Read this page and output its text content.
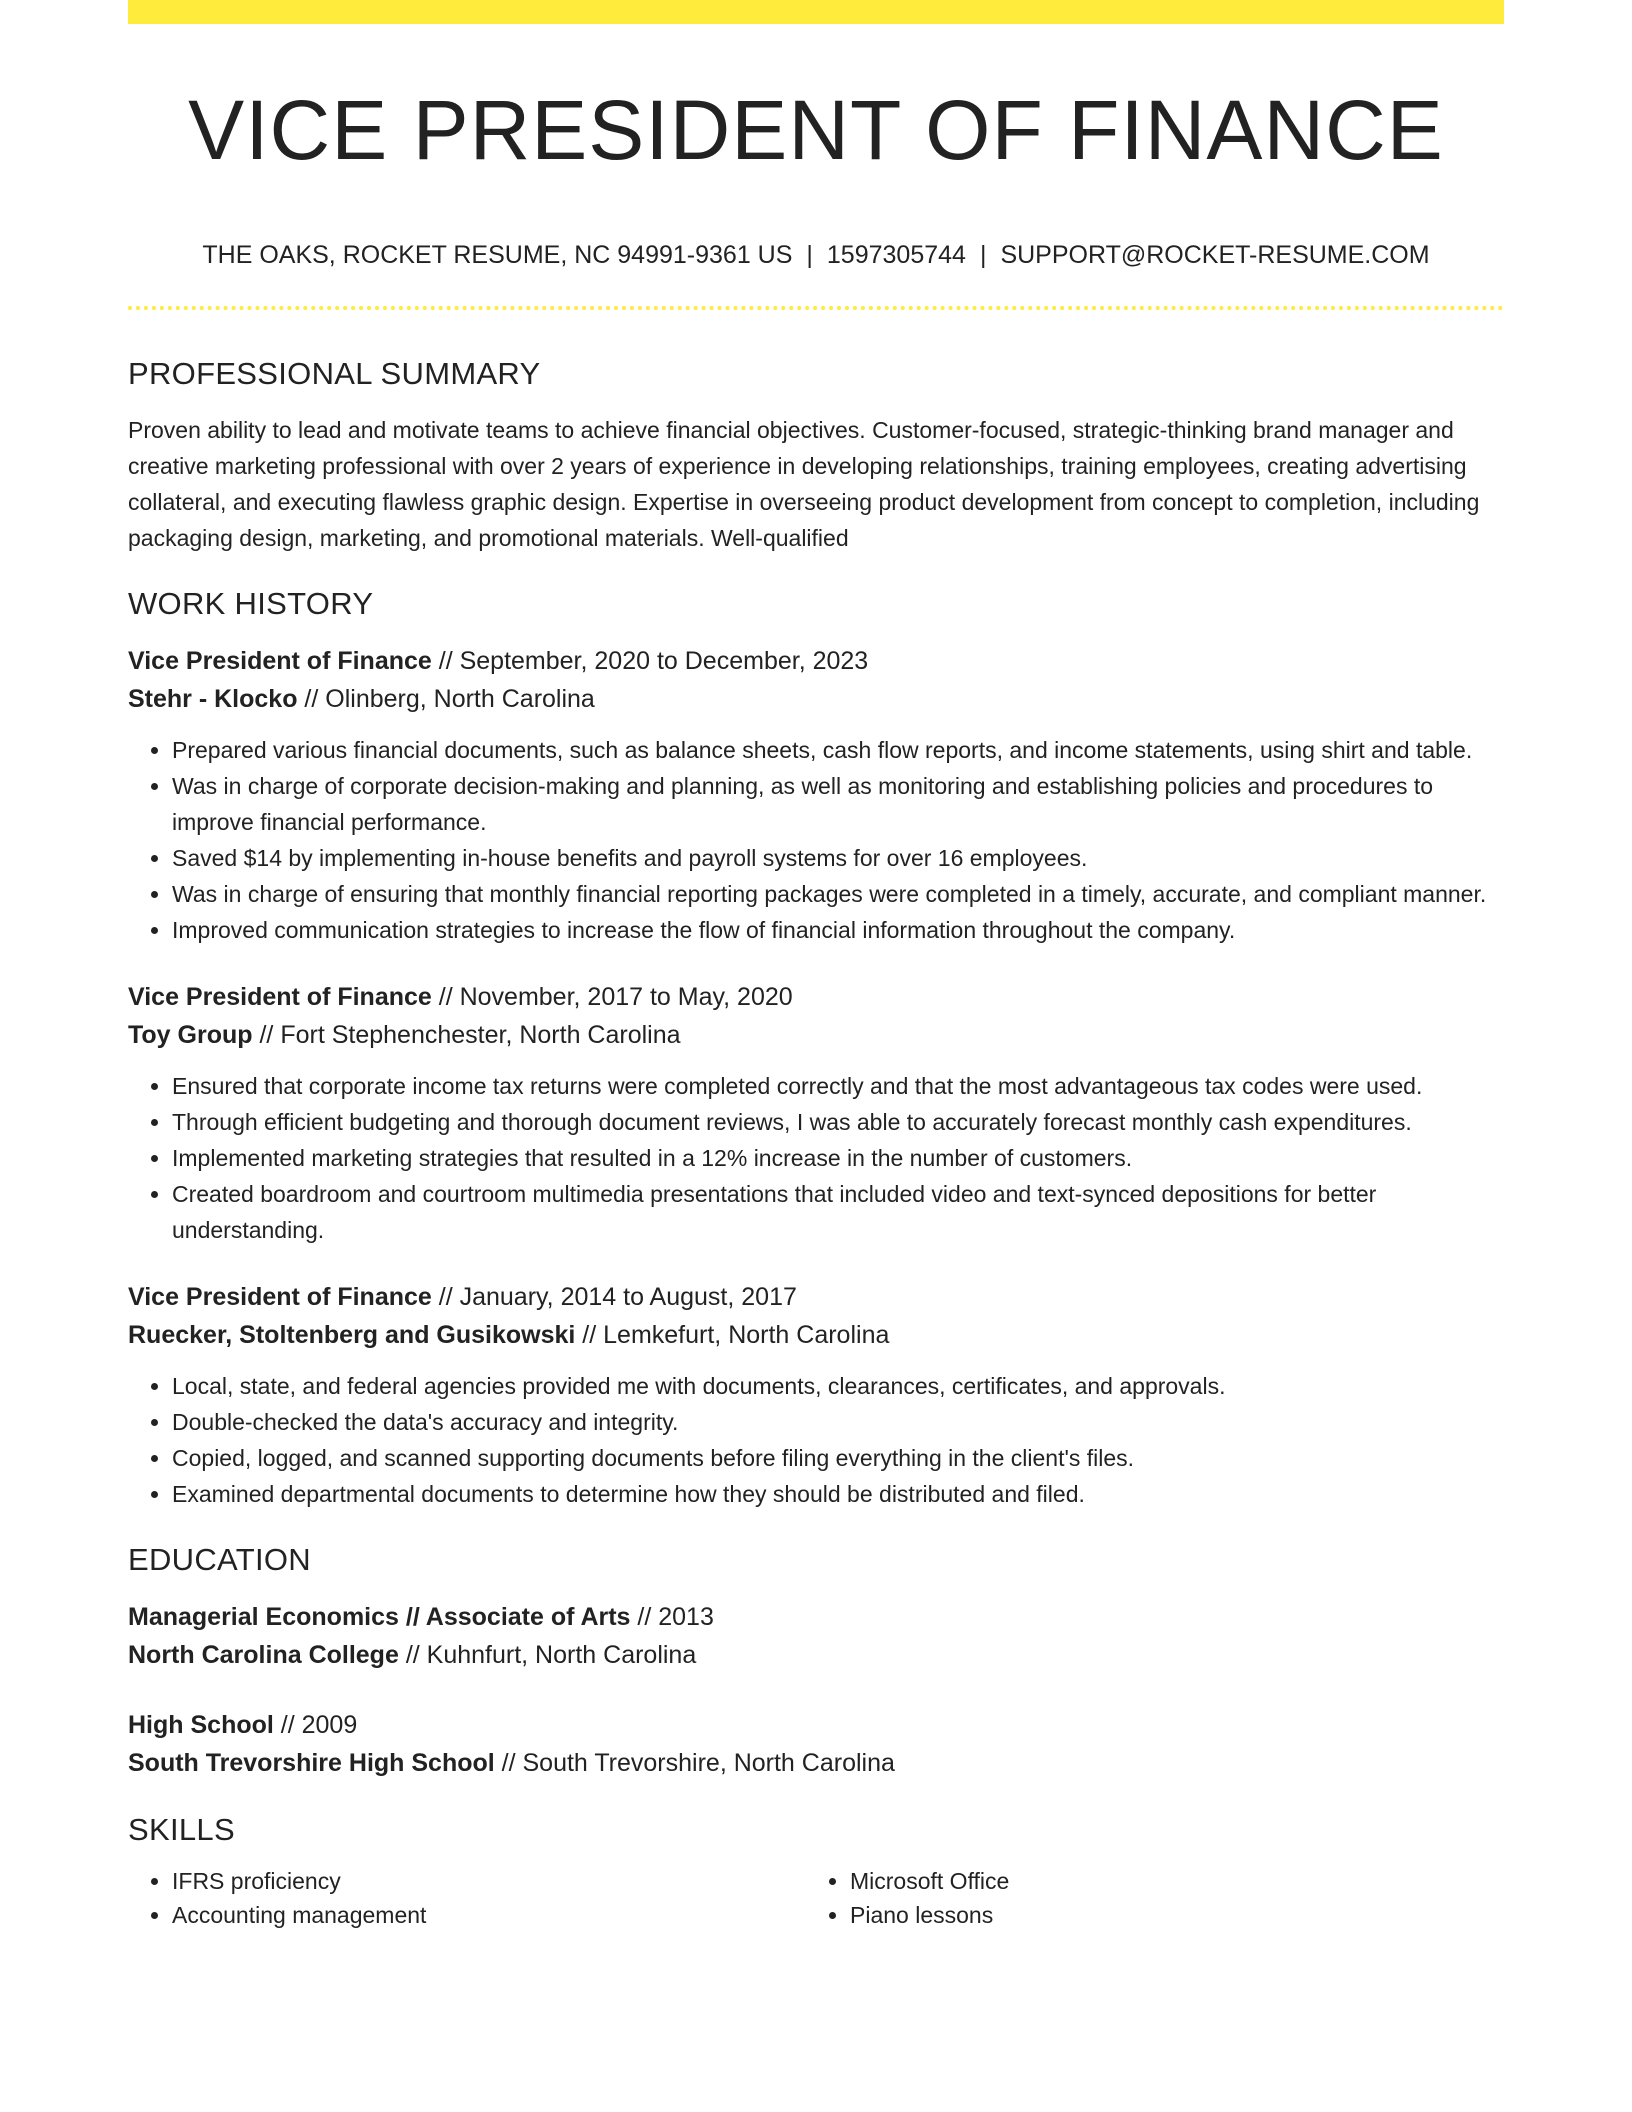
VICE PRESIDENT OF FINANCE
THE OAKS, ROCKET RESUME, NC 94991-9361 US | 1597305744 | SUPPORT@ROCKET-RESUME.COM
PROFESSIONAL SUMMARY

Proven ability to lead and motivate teams to achieve financial objectives. Customer-focused, strategic-thinking brand manager and creative marketing professional with over 2 years of experience in developing relationships, training employees, creating advertising collateral, and executing flawless graphic design. Expertise in overseeing product development from concept to completion, including packaging design, marketing, and promotional materials. Well-qualified

WORK HISTORY
Vice President of Finance // September, 2020 to December, 2023
Stehr - Klocko // Olinberg, North Carolina
• Prepared various financial documents, such as balance sheets, cash flow reports, and income statements, using shirt and table.
• Was in charge of corporate decision-making and planning, as well as monitoring and establishing policies and procedures to improve financial performance.
• Saved $14 by implementing in-house benefits and payroll systems for over 16 employees.
• Was in charge of ensuring that monthly financial reporting packages were completed in a timely, accurate, and compliant manner.
• Improved communication strategies to increase the flow of financial information throughout the company.
Vice President of Finance // November, 2017 to May, 2020
Toy Group // Fort Stephenchester, North Carolina
• Ensured that corporate income tax returns were completed correctly and that the most advantageous tax codes were used.
• Through efficient budgeting and thorough document reviews, I was able to accurately forecast monthly cash expenditures.
• Implemented marketing strategies that resulted in a 12% increase in the number of customers.
• Created boardroom and courtroom multimedia presentations that included video and text-synced depositions for better understanding.
Vice President of Finance // January, 2014 to August, 2017
Ruecker, Stoltenberg and Gusikowski // Lemkefurt, North Carolina
• Local, state, and federal agencies provided me with documents, clearances, certificates, and approvals.
• Double-checked the data's accuracy and integrity.
• Copied, logged, and scanned supporting documents before filing everything in the client's files.
• Examined departmental documents to determine how they should be distributed and filed.
EDUCATION
Managerial Economics // Associate of Arts // 2013
North Carolina College // Kuhnfurt, North Carolina
High School // 2009
South Trevorshire High School // South Trevorshire, North Carolina
SKILLS
• IFRS proficiency
• Accounting management
• Microsoft Office
• Piano lessons
